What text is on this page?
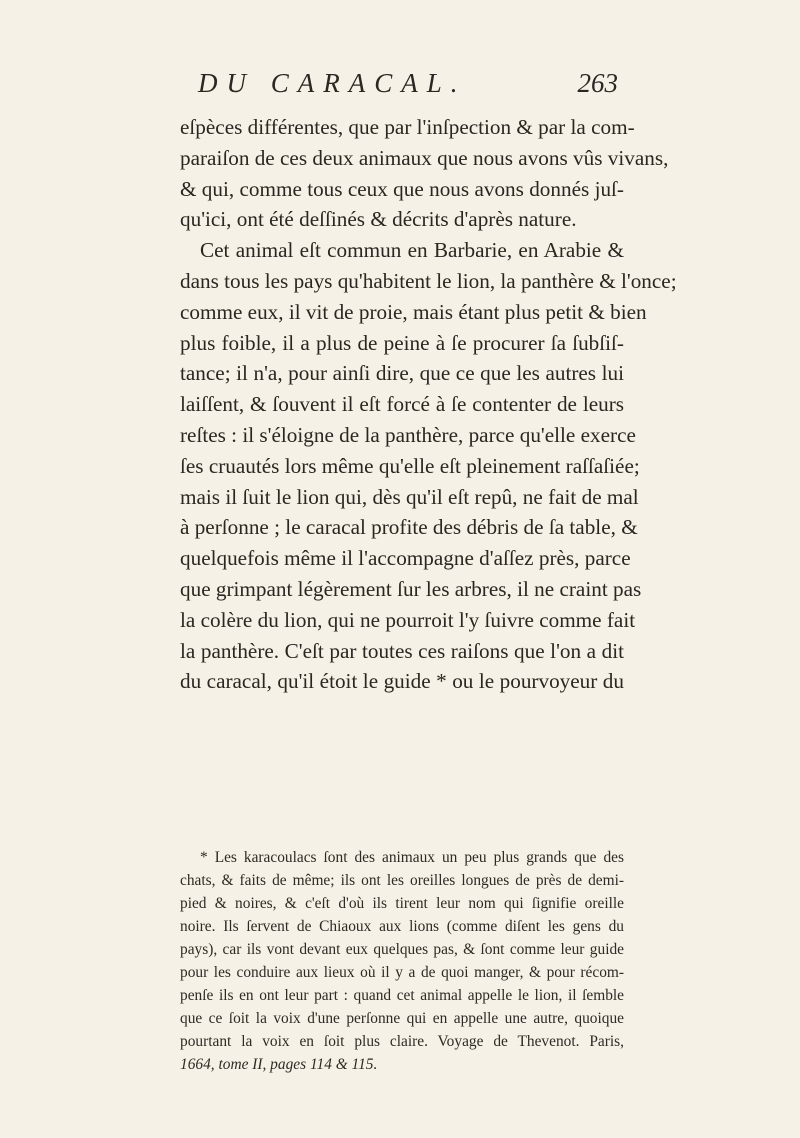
DU CARACAL.	263
eſpèces différentes, que par l'inſpection & par la com-
paraiſon de ces deux animaux que nous avons vûs vivans,
& qui, comme tous ceux que nous avons donnés juſ-
qu'ici, ont été deſſinés & décrits d'après nature.
Cet animal eſt commun en Barbarie, en Arabie &
dans tous les pays qu'habitent le lion, la panthère & l'once;
comme eux, il vit de proie, mais étant plus petit & bien
plus foible, il a plus de peine à ſe procurer ſa ſubſiſ-
tance; il n'a, pour ainſi dire, que ce que les autres lui
laiſſent, & ſouvent il eſt forcé à ſe contenter de leurs
reſtes : il s'éloigne de la panthère, parce qu'elle exerce
ſes cruautés lors même qu'elle eſt pleinement raſſaſiée;
mais il ſuit le lion qui, dès qu'il eſt repû, ne fait de mal
à perſonne ; le caracal profite des débris de ſa table, &
quelquefois même il l'accompagne d'aſſez près, parce
que grimpant légèrement ſur les arbres, il ne craint pas
la colère du lion, qui ne pourroit l'y ſuivre comme fait
la panthère. C'eſt par toutes ces raiſons que l'on a dit
du caracal, qu'il étoit le guide * ou le pourvoyeur du
* Les karacoulacs ſont des animaux un peu plus grands que des
chats, & faits de même; ils ont les oreilles longues de près de demi-
pied & noires, & c'eſt d'où ils tirent leur nom qui ſignifie oreille
noire. Ils ſervent de Chiaoux aux lions (comme diſent les gens du
pays), car ils vont devant eux quelques pas, & ſont comme leur guide
pour les conduire aux lieux où il y a de quoi manger, & pour récom-
penſe ils en ont leur part : quand cet animal appelle le lion, il ſemble
que ce ſoit la voix d'une perſonne qui en appelle une autre, quoique
pourtant la voix en ſoit plus claire. Voyage de Thevenot. Paris,
1664, tome II, pages 114 & 115.
